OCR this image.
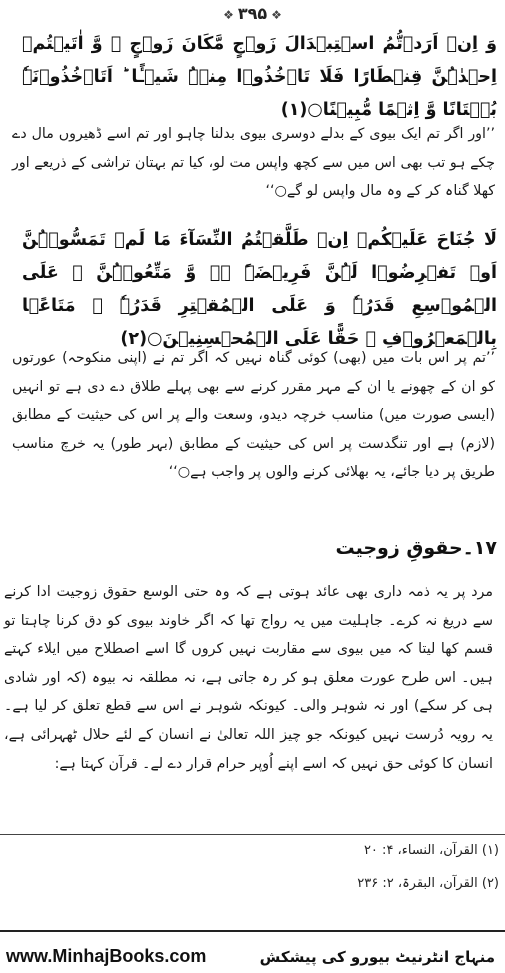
❖ ۳۹۵ ❖
وَ اِنۡ اَرَدۡتُّمُ اسۡتِبۡدَالَ زَوۡجٍ مَّکَانَ زَوۡجٍ ۙ وَّ اٰتَیۡتُمۡ اِحۡدٰہُنَّ قِنۡطَارًا فَلَا تَاۡخُذُوۡا مِنۡہُ شَیۡـًٔا ؕ اَتَاۡخُذُوۡنَہٗ بُہۡتَانًا وَّ اِثۡمًا مُّبِیۡنًا○(۱)
’’اور اگر تم ایک بیوی کے بدلے دوسری بیوی بدلنا چاہو اور تم اسے ڈھیروں مال دے چکے ہو تب بھی اس میں سے کچھ واپس مت لو، کیا تم بہتان تراشی کے ذریعے اور کھلا گناہ کر کے وہ مال واپس لو گے○‘‘
لَا جُنَاحَ عَلَیۡکُمۡ اِنۡ طَلَّقۡتُمُ النِّسَآءَ مَا لَمۡ تَمَسُّوۡہُنَّ اَوۡ تَفۡرِضُوۡا لَہُنَّ فَرِیۡضَۃً ۚۖ وَّ مَتِّعُوۡہُنَّ ۚ عَلَی الۡمُوۡسِعِ قَدَرُہٗ وَ عَلَی الۡمُقۡتِرِ قَدَرُہٗ ۚ مَتَاعًۢا بِالۡمَعۡرُوۡفِ ۚ حَقًّا عَلَی الۡمُحۡسِنِیۡنَ○(۲)
’’تم پر اس بات میں (بھی) کوئی گناہ نہیں کہ اگر تم نے (اپنی منکوحہ) عورتوں کو ان کے چھونے یا ان کے مہر مقرر کرنے سے بھی پہلے طلاق دے دی ہے تو انہیں (ایسی صورت میں) مناسب خرچہ دیدو، وسعت والے پر اس کی حیثیت کے مطابق (لازم) ہے اور تنگدست پر اس کی حیثیت کے مطابق (بہر طور) یہ خرچ مناسب طریق پر دیا جائے، یہ بھلائی کرنے والوں پر واجب ہے○‘‘
۱۷۔حقوقِ زوجیت
مرد پر یہ ذمہ داری بھی عائد ہوتی ہے کہ وہ حتی الوسع حقوق زوجیت ادا کرنے سے دریغ نہ کرے۔ جاہلیت میں یہ رواج تھا کہ اگر خاوند بیوی کو دق کرنا چاہتا تو قسم کھا لیتا کہ میں بیوی سے مقاربت نہیں کروں گا اسے اصطلاح میں ایلاء کہتے ہیں۔ اس طرح عورت معلق ہو کر رہ جاتی ہے، نہ مطلقہ نہ بیوہ (کہ اور شادی ہی کر سکے) اور نہ شوہر والی۔ کیونکہ شوہر نے اس سے قطع تعلق کر لیا ہے۔ یہ رویہ دُرست نہیں کیونکہ جو چیز اللہ تعالیٰ نے انسان کے لئے حلال ٹھہرائی ہے، انسان کا کوئی حق نہیں کہ اسے اپنے اُوپر حرام قرار دے لے۔ قرآن کہتا ہے:
(۱) القرآن، النساء، ۴: ۲۰
(۲) القرآن، البقرۃ، ۲: ۲۳۶
www.MinhajBooks.com	منہاج انٹرنیٹ بیورو کی پیشکش
